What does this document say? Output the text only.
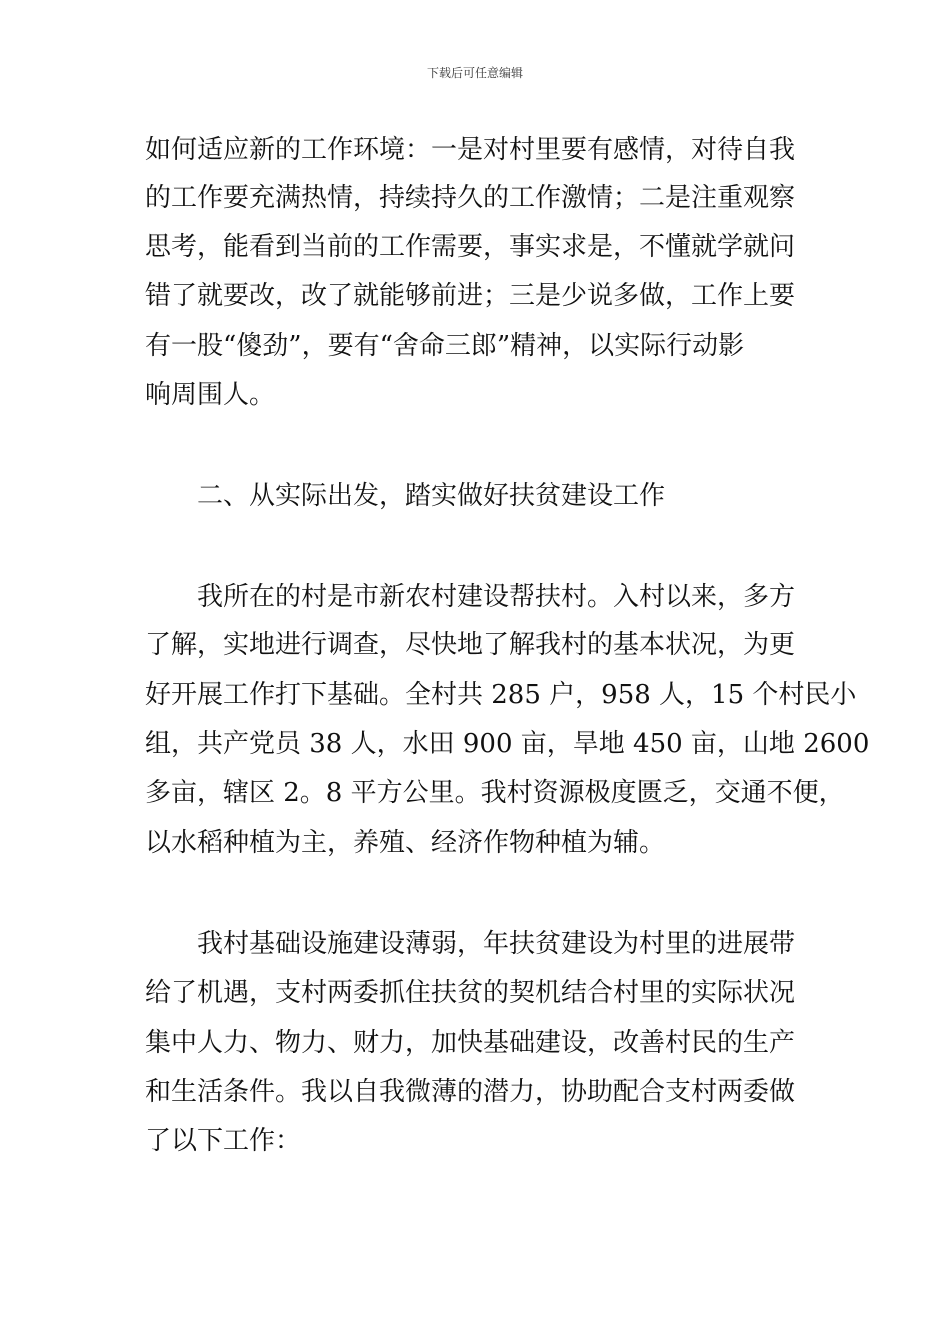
下载后可任意编辑
如何适应新的工作环境：一是对村里要有感情，对待自我
的工作要充满热情，持续持久的工作激情；二是注重观察
思考，能看到当前的工作需要，事实求是，不懂就学就问
错了就要改，改了就能够前进；三是少说多做，工作上要
有一股“傻劲”，要有“舍命三郎”精神，以实际行动影
响周围人。
二、从实际出发，踏实做好扶贫建设工作
我所在的村是市新农村建设帮扶村。入村以来，多方
了解，实地进行调查，尽快地了解我村的基本状况，为更
好开展工作打下基础。全村共 285 户，958 人，15 个村民小
组，共产党员 38 人，水田 900 亩，旱地 450 亩，山地 2600
多亩，辖区 2。8 平方公里。我村资源极度匮乏，交通不便，
以水稻种植为主，养殖、经济作物种植为辅。
我村基础设施建设薄弱，年扶贫建设为村里的进展带
给了机遇，支村两委抓住扶贫的契机结合村里的实际状况
集中人力、物力、财力，加快基础建设，改善村民的生产
和生活条件。我以自我微薄的潜力，协助配合支村两委做
了以下工作：
